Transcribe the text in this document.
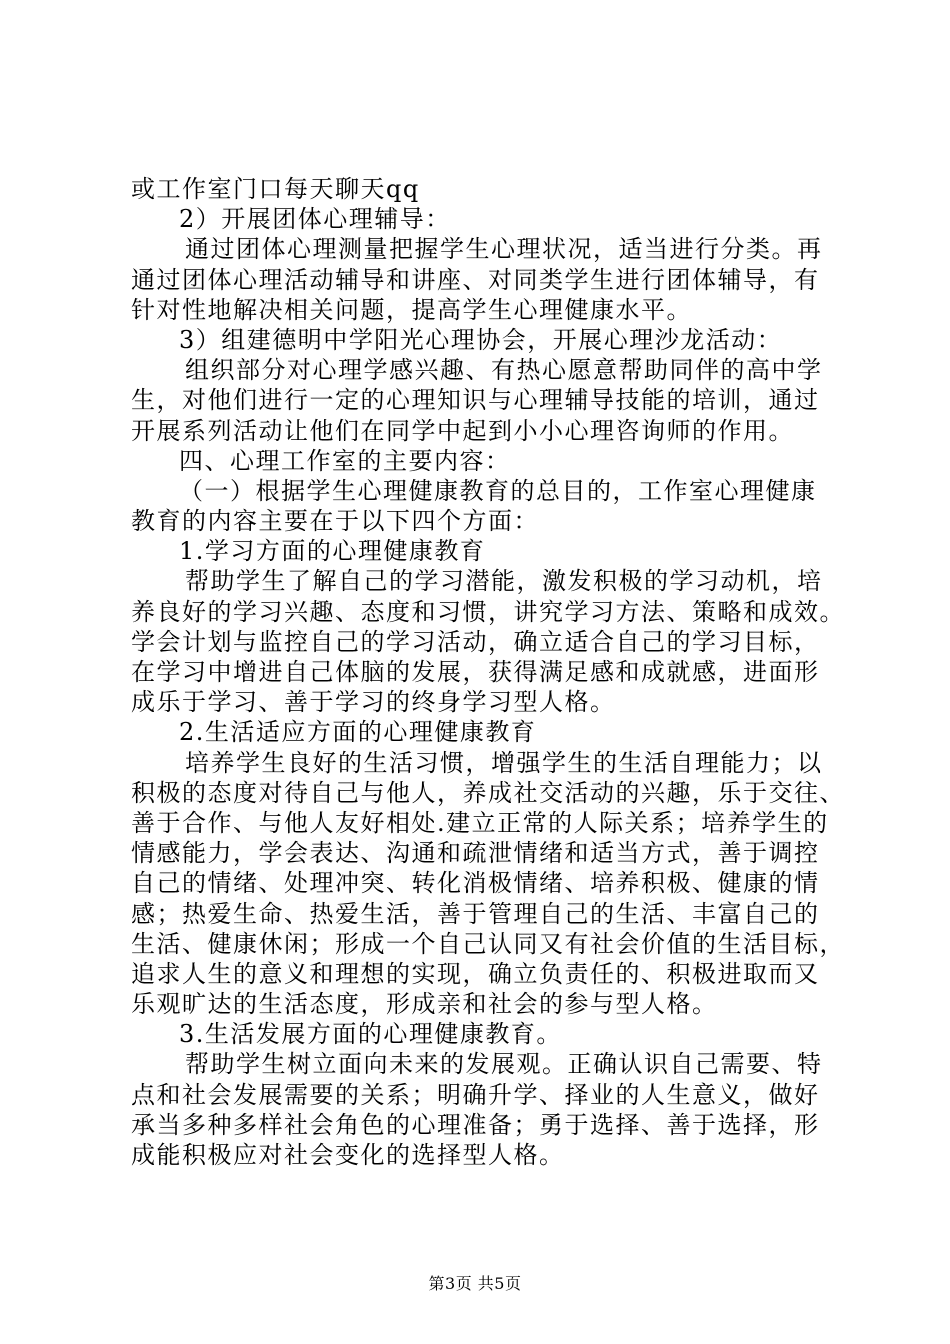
或工作室门口每天聊天qq
2）开展团体心理辅导：
通过团体心理测量把握学生心理状况，适当进行分类。再
通过团体心理活动辅导和讲座、对同类学生进行团体辅导，有
针对性地解决相关问题，提高学生心理健康水平。
3）组建德明中学阳光心理协会，开展心理沙龙活动：
组织部分对心理学感兴趣、有热心愿意帮助同伴的高中学
生，对他们进行一定的心理知识与心理辅导技能的培训，通过
开展系列活动让他们在同学中起到小小心理咨询师的作用。
四、心理工作室的主要内容：
（一）根据学生心理健康教育的总目的，工作室心理健康
教育的内容主要在于以下四个方面：
1.学习方面的心理健康教育
帮助学生了解自己的学习潜能，激发积极的学习动机，培
养良好的学习兴趣、态度和习惯，讲究学习方法、策略和成效。
学会计划与监控自己的学习活动，确立适合自己的学习目标，
在学习中增进自己体脑的发展，获得满足感和成就感，进面形
成乐于学习、善于学习的终身学习型人格。
2.生活适应方面的心理健康教育
培养学生良好的生活习惯，增强学生的生活自理能力；以
积极的态度对待自己与他人，养成社交活动的兴趣，乐于交往、
善于合作、与他人友好相处.建立正常的人际关系；培养学生的
情感能力，学会表达、沟通和疏泄情绪和适当方式，善于调控
自己的情绪、处理冲突、转化消极情绪、培养积极、健康的情
感；热爱生命、热爱生活，善于管理自己的生活、丰富自己的
生活、健康休闲；形成一个自己认同又有社会价值的生活目标，
追求人生的意义和理想的实现，确立负责任的、积极进取而又
乐观旷达的生活态度，形成亲和社会的参与型人格。
3.生活发展方面的心理健康教育。
帮助学生树立面向未来的发展观。正确认识自己需要、特
点和社会发展需要的关系；明确升学、择业的人生意义，做好
承当多种多样社会角色的心理准备；勇于选择、善于选择，形
成能积极应对社会变化的选择型人格。
第3页 共5页
